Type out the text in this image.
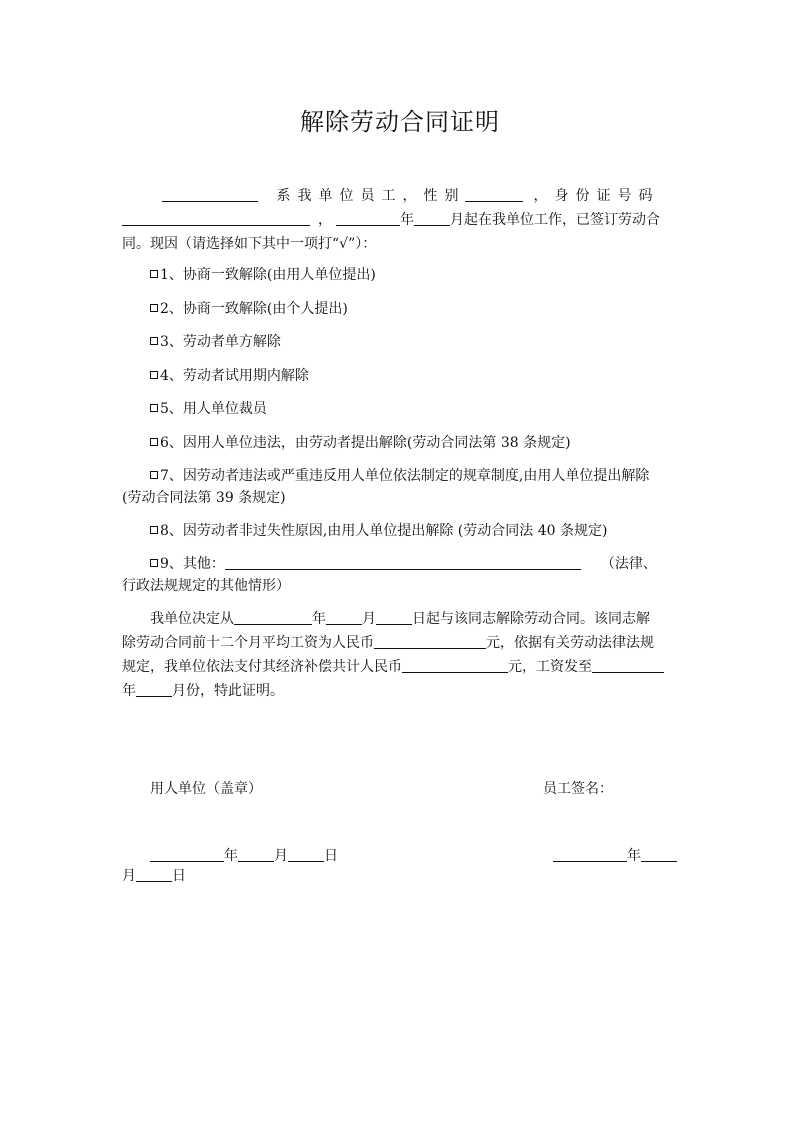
解除劳动合同证明
系我单位员工，性别	，身份证号码
，	年	月起在我单位工作，已签订劳动合
同。现因（请选择如下其中一项打“√”）：
1、协商一致解除(由用人单位提出)
2、协商一致解除(由个人提出)
3、劳动者单方解除
4、劳动者试用期内解除
5、用人单位裁员
6、因用人单位违法，由劳动者提出解除(劳动合同法第 38 条规定)
7、因劳动者违法或严重违反用人单位依法制定的规章制度,由用人单位提出解除
(劳动合同法第 39 条规定)
8、因劳动者非过失性原因,由用人单位提出解除 (劳动合同法 40 条规定)
9、其他：	（法律、
行政法规规定的其他情形）
我单位决定从	年	月	日起与该同志解除劳动合同。该同志解
除劳动合同前十二个月平均工资为人民币	元，依据有关劳动法律法规
规定，我单位依法支付其经济补偿共计人民币	元，工资发至
年	月份，特此证明。
用人单位（盖章）	员工签名：
年	月	日	年
月	日
